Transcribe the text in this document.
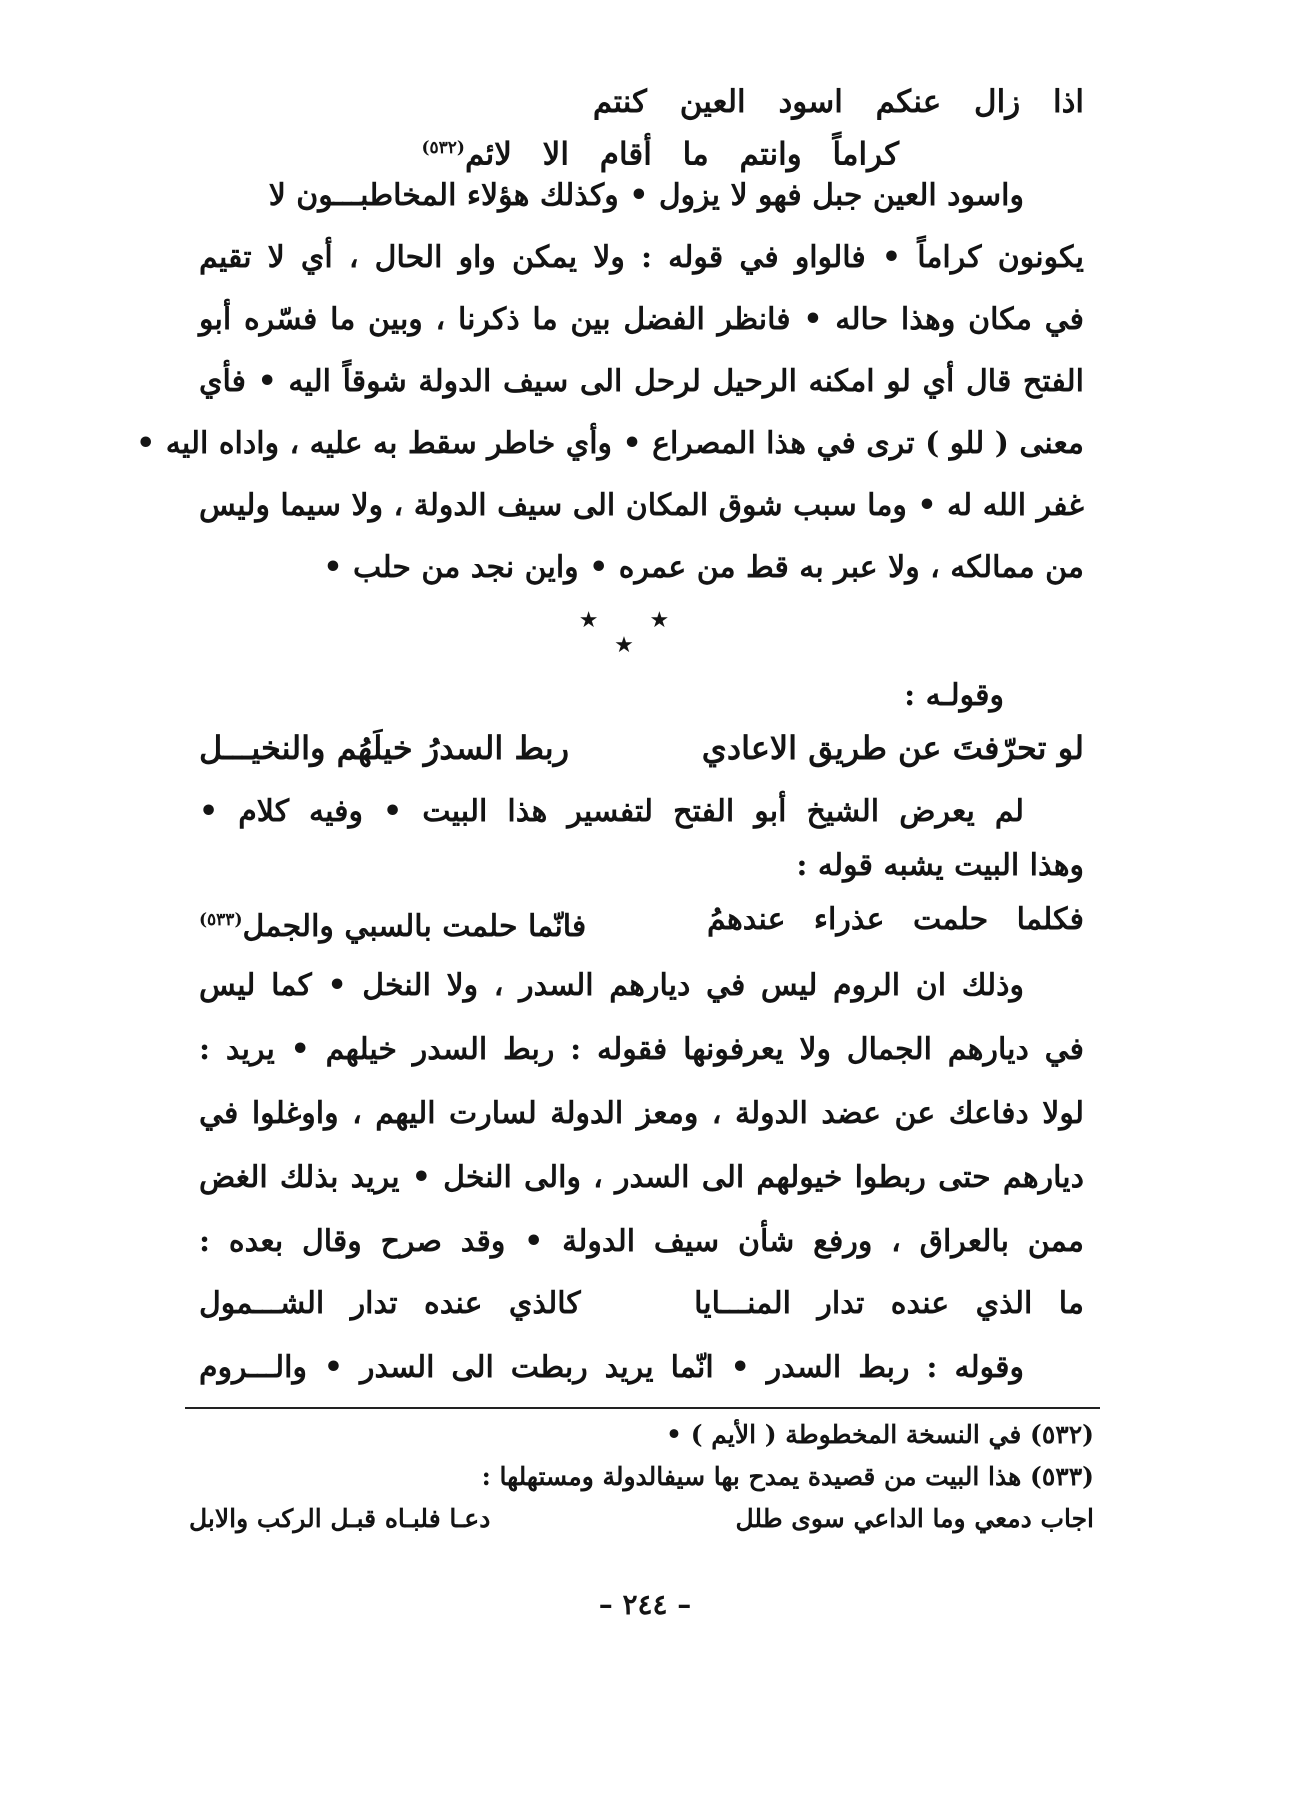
اذا زال عنكم اسود العين كنتم
كراماً وانتم ما أقام الا لائم$^{(٥٣٢)}$
واسود العين جبل فهو لا يزول • وكذلك هؤلاء المخاطبـــون لا
يكونون كراماً • فالواو في قوله : ولا يمكن واو الحال ، أي لا تقيم
في مكان وهذا حاله • فانظر الفضل بين ما ذكرنا ، وبين ما فسّره أبو
الفتح قال أي لو امكنه الرحيل لرحل الى سيف الدولة شوقاً اليه • فأي
معنى ( للو ) ترى في هذا المصراع • وأي خاطر سقط به عليه ، واداه اليه •
غفر الله له • وما سبب شوق المكان الى سيف الدولة ، ولا سيما وليس
من ممالكه ، ولا عبر به قط من عمره • واين نجد من حلب •
★ ★ ★
وقولـه :
لو تحرّفتَ عن طريق الاعادي
ربط السدرُ خيلَهُم والنخيـــل
لم يعرض الشيخ أبو الفتح لتفسير هذا البيت • وفيه كلام •
وهذا البيت يشبه قوله :
فكلما حلمت عذراء عندهمُ
فانّما حلمت بالسبي والجمل$^{(٥٣٣)}$
وذلك ان الروم ليس في ديارهم السدر ، ولا النخل • كما ليس
في ديارهم الجمال ولا يعرفونها فقوله : ربط السدر خيلهم • يريد :
لولا دفاعك عن عضد الدولة ، ومعز الدولة لسارت اليهم ، واوغلوا في
ديارهم حتى ربطوا خيولهم الى السدر ، والى النخل • يريد بذلك الغض
ممن بالعراق ، ورفع شأن سيف الدولة • وقد صرح وقال بعده :
ما الذي عنده تدار المنـــايا
كالذي عنده تدار الشـــمول
وقوله : ربط السدر • انّما يريد ربطت الى السدر • والـــروم
(٥٣٢) في النسخة المخطوطة ( الأيم ) •
(٥٣٣) هذا البيت من قصيدة يمدح بها سيفالدولة ومستهلها :
اجاب دمعي وما الداعي سوى طلل
دعـا فلبـاه قبـل الركب والابل
– ٢٤٤ –
